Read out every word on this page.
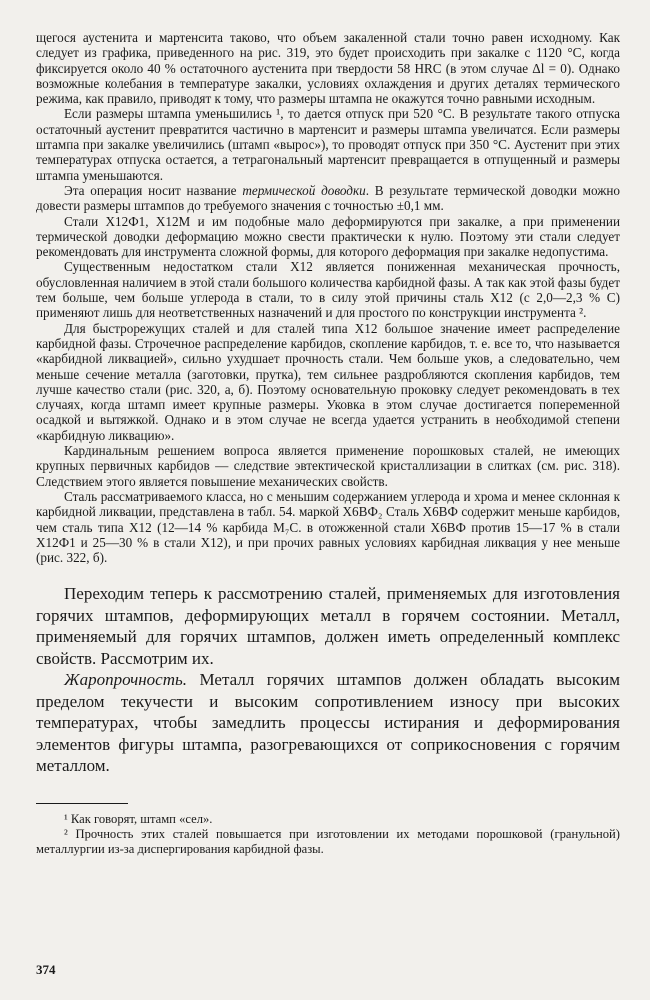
щегося аустенита и мартенсита таково, что объем закаленной стали точно равен исходному. Как следует из графика, приведенного на рис. 319, это будет происходить при закалке с 1120 °С, когда фиксируется около 40 % остаточного аустенита при твердости 58 HRC (в этом случае Δl = 0). Однако возможные колебания в температуре закалки, условиях охлаждения и других деталях термического режима, как правило, приводят к тому, что размеры штампа не окажутся точно равными исходным.

Если размеры штампа уменьшились ¹, то дается отпуск при 520 °С. В результате такого отпуска остаточный аустенит превратится частично в мартенсит и размеры штампа увеличатся. Если размеры штампа при закалке увеличились (штамп «вырос»), то проводят отпуск при 350 °С. Аустенит при этих температурах отпуска остается, а тетрагональный мартенсит превращается в отпущенный и размеры штампа уменьшаются.

Эта операция носит название термической доводки. В результате термической доводки можно довести размеры штампов до требуемого значения с точностью ±0,1 мм.

Стали Х12Ф1, Х12М и им подобные мало деформируются при закалке, а при применении термической доводки деформацию можно свести практически к нулю. Поэтому эти стали следует рекомендовать для инструмента сложной формы, для которого деформация при закалке недопустима.

Существенным недостатком стали Х12 является пониженная механическая прочность, обусловленная наличием в этой стали большого количества карбидной фазы. А так как этой фазы будет тем больше, чем больше углерода в стали, то в силу этой причины сталь Х12 (с 2,0—2,3 % С) применяют лишь для неответственных назначений и для простого по конструкции инструмента ².

Для быстрорежущих сталей и для сталей типа Х12 большое значение имеет распределение карбидной фазы. Строчечное распределение карбидов, скопление карбидов, т. е. все то, что называется «карбидной ликвацией», сильно ухудшает прочность стали. Чем больше уков, а следовательно, чем меньше сечение металла (заготовки, прутка), тем сильнее раздробляются скопления карбидов, тем лучше качество стали (рис. 320, а, б). Поэтому основательную проковку следует рекомендовать в тех случаях, когда штамп имеет крупные размеры. Уковка в этом случае достигается попеременной осадкой и вытяжкой. Однако и в этом случае не всегда удается устранить в необходимой степени «карбидную ликвацию».

Кардинальным решением вопроса является применение порошковых сталей, не имеющих крупных первичных карбидов — следствие эвтектической кристаллизации в слитках (см. рис. 318). Следствием этого является повышение механических свойств.

Сталь рассматриваемого класса, но с меньшим содержанием углерода и хрома и менее склонная к карбидной ликвации, представлена в табл. 54. маркой Х6ВФ₂ Сталь Х6ВФ содержит меньше карбидов, чем сталь типа Х12 (12—14 % карбида M₇C. в отожженной стали Х6ВФ против 15—17 % в стали Х12Ф1 и 25—30 % в стали Х12), и при прочих равных условиях карбидная ликвация у нее меньше (рис. 322, б).

Переходим теперь к рассмотрению сталей, применяемых для изготовления горячих штампов, деформирующих металл в горячем состоянии. Металл, применяемый для горячих штампов, должен иметь определенный комплекс свойств. Рассмотрим их.

Жаропрочность. Металл горячих штампов должен обладать высоким пределом текучести и высоким сопротивлением износу при высоких температурах, чтобы замедлить процессы истирания и деформирования элементов фигуры штампа, разогревающихся от соприкосновения с горячим металлом.

¹ Как говорят, штамп «сел».

² Прочность этих сталей повышается при изготовлении их методами порошковой (гранульной) металлургии из-за диспергирования карбидной фазы.

374
